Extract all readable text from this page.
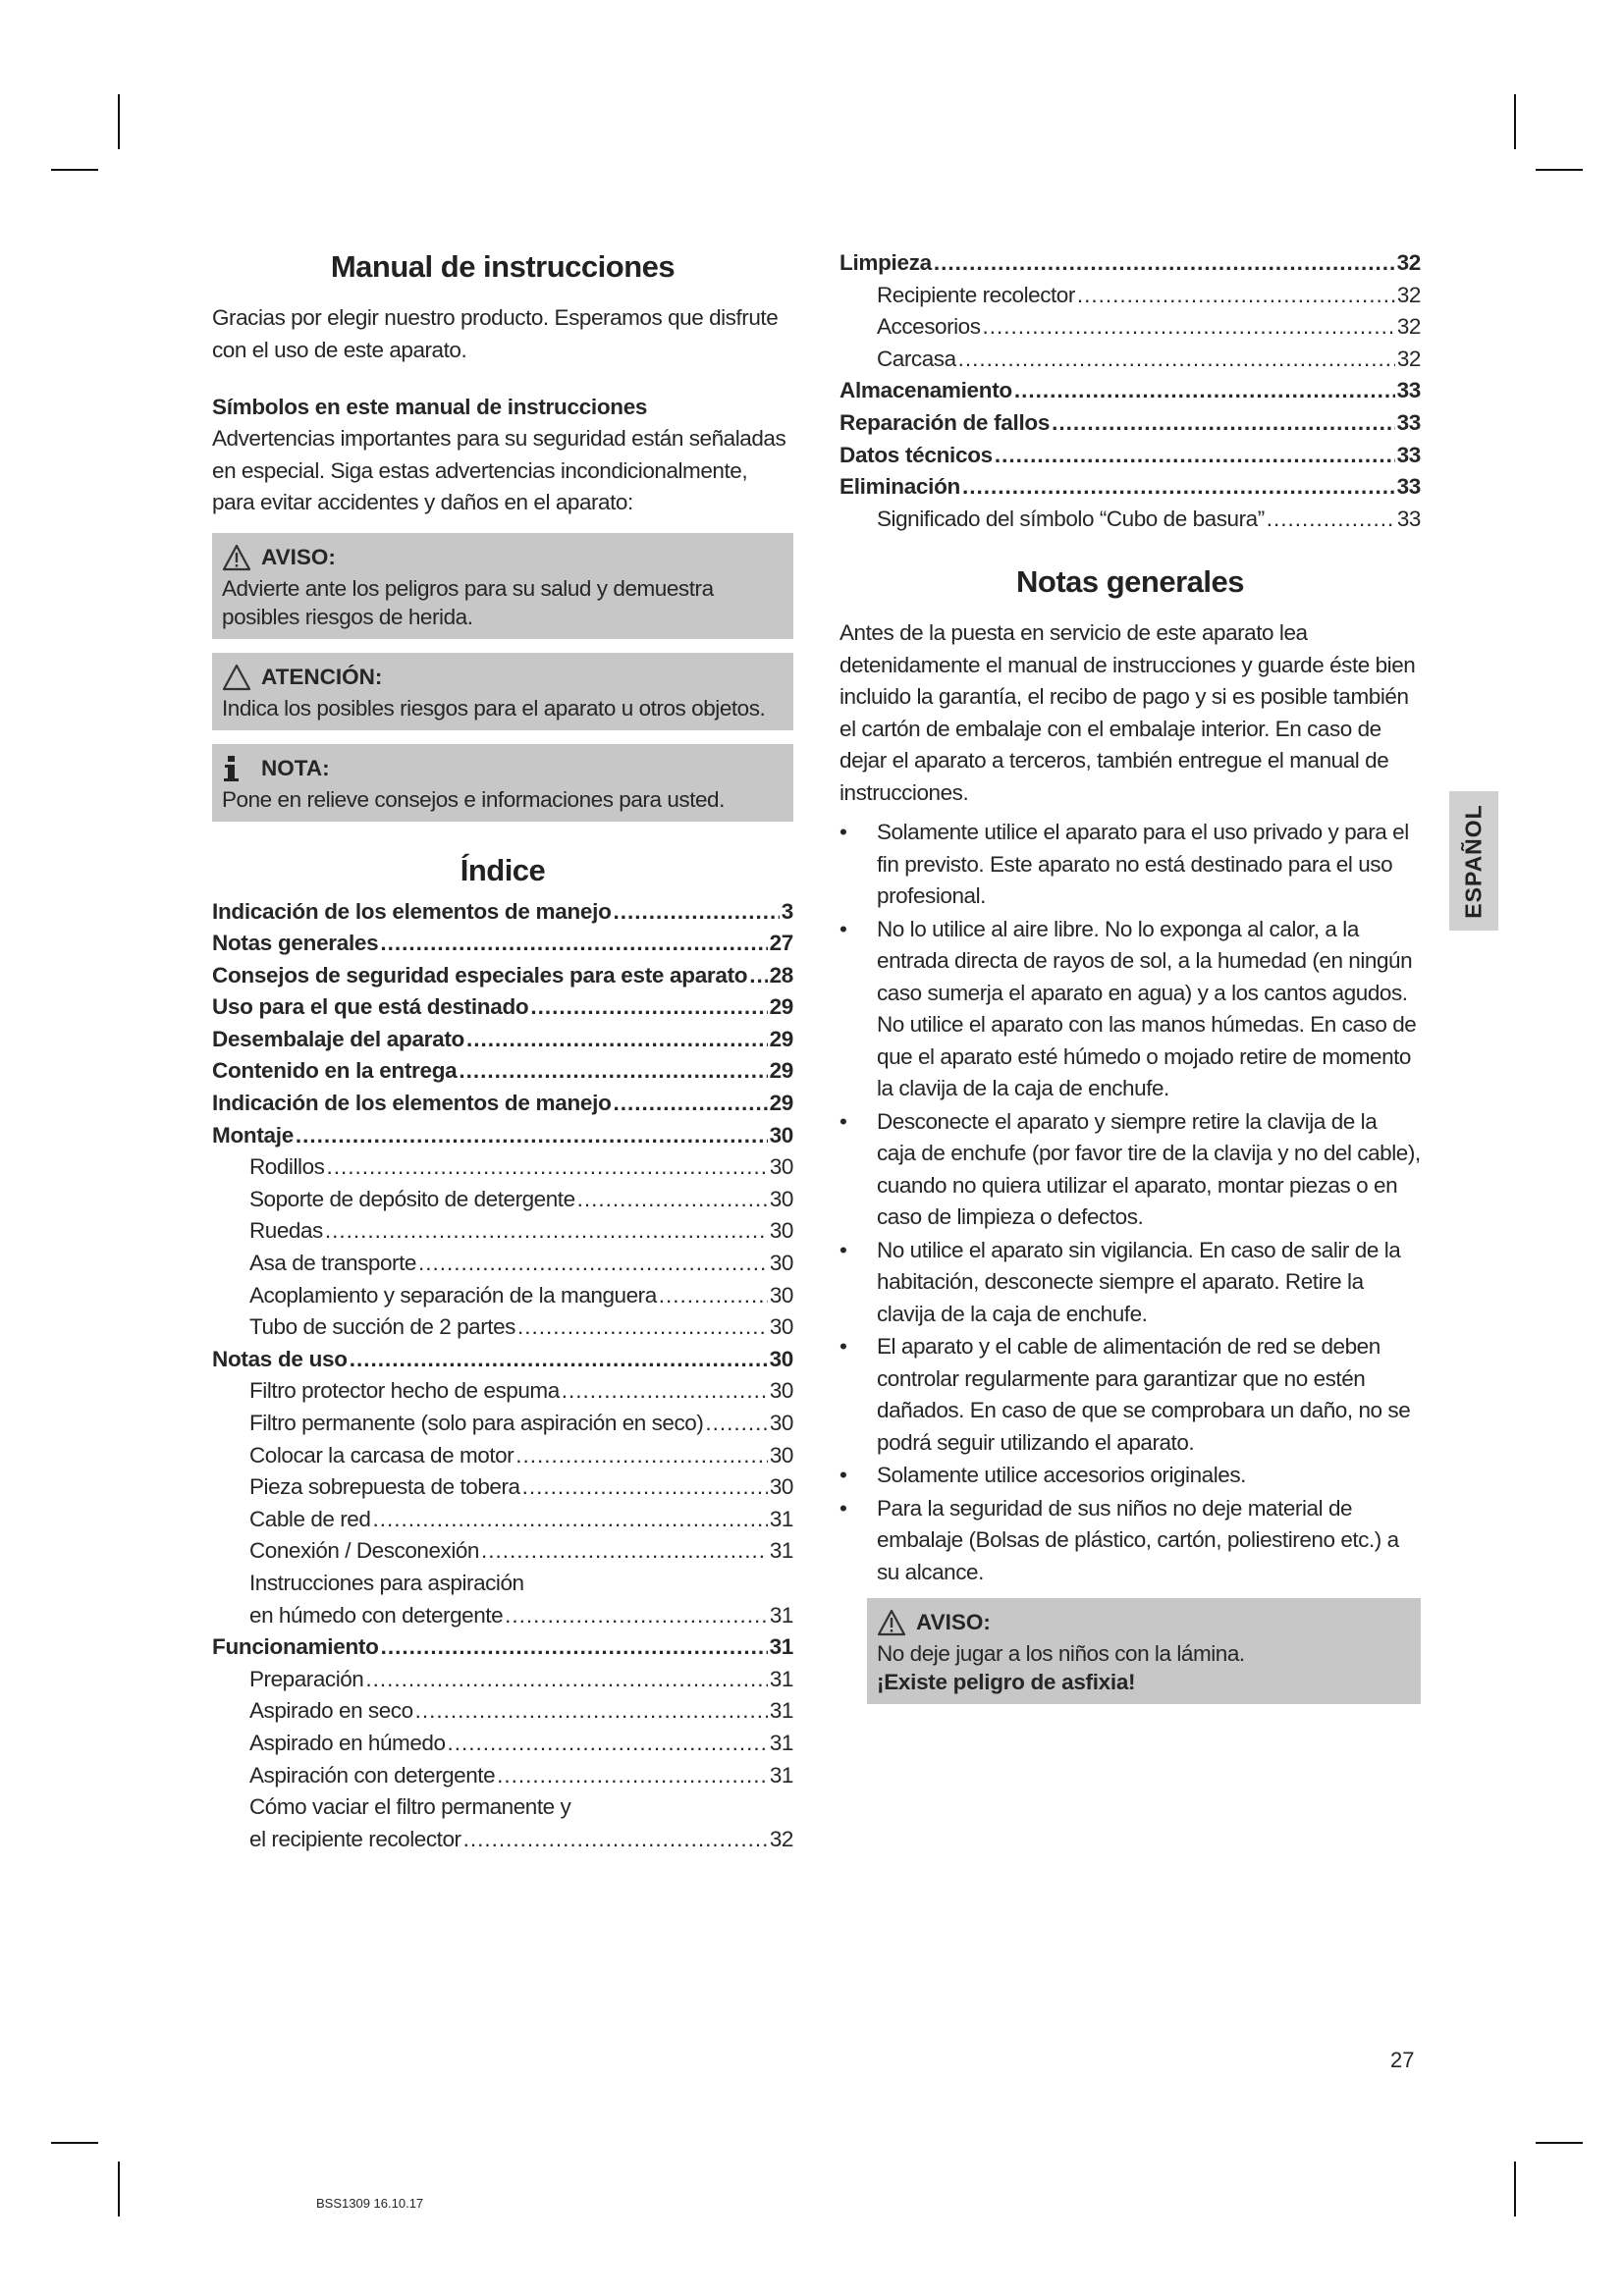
Manual de instrucciones

Gracias por elegir nuestro producto. Esperamos que disfrute con el uso de este aparato.

Símbolos en este manual de instrucciones

Advertencias importantes para su seguridad están señaladas en especial. Siga estas advertencias incondicionalmente, para evitar accidentes y daños en el aparato:

AVISO:

Advierte ante los peligros para su salud y demuestra posibles riesgos de herida.

ATENCIÓN:

Indica los posibles riesgos para el aparato u otros objetos.

NOTA:

Pone en relieve consejos e informaciones para usted.

Índice
Indicación de los elementos de manejo .....	3
Notas generales .....	27
Consejos de seguridad especiales para este aparato ..... 28
Uso para el que está destinado .....	29
Desembalaje del aparato .....	29
Contenido en la entrega .....	29
Indicación de los elementos de manejo .....	29
Montaje .....	30
Rodillos .....	30
Soporte de depósito de detergente .....	30
Ruedas .....	30
Asa de transporte .....	30
Acoplamiento y separación de la manguera .....	30
Tubo de succión de 2 partes .....	30
Notas de uso .....	30
Filtro protector hecho de espuma .....	30
Filtro permanente (solo para aspiración en seco) .....	30
Colocar la carcasa de motor .....	30
Pieza sobrepuesta de tobera .....	30
Cable de red .....	31
Conexión / Desconexión .....	31
Instrucciones para aspiración
en húmedo con detergente .....	31
Funcionamiento .....	31
Preparación .....	31
Aspirado en seco .....	31
Aspirado en húmedo .....	31
Aspiración con detergente .....	31
Cómo vaciar el filtro permanente y
el recipiente recolector .....	32
Limpieza .....	32
Recipiente recolector .....	32
Accesorios .....	32
Carcasa .....	32
Almacenamiento .....	33
Reparación de fallos .....	33
Datos técnicos .....	33
Eliminación .....	33
Significado del símbolo “Cubo de basura” .....	33
Notas generales

Antes de la puesta en servicio de este aparato lea detenidamente el manual de instrucciones y guarde éste bien incluido la garantía, el recibo de pago y si es posible también el cartón de embalaje con el embalaje interior. En caso de dejar el aparato a terceros, también entregue el manual de instrucciones.

• Solamente utilice el aparato para el uso privado y para el fin previsto. Este aparato no está destinado para el uso profesional.
• No lo utilice al aire libre. No lo exponga al calor, a la entrada directa de rayos de sol, a la humedad (en ningún caso sumerja el aparato en agua) y a los cantos agudos. No utilice el aparato con las manos húmedas. En caso de que el aparato esté húmedo o mojado retire de momento la clavija de la caja de enchufe.
• Desconecte el aparato y siempre retire la clavija de la caja de enchufe (por favor tire de la clavija y no del cable), cuando no quiera utilizar el aparato, montar piezas o en caso de limpieza o defectos.
• No utilice el aparato sin vigilancia. En caso de salir de la habitación, desconecte siempre el aparato. Retire la clavija de la caja de enchufe.
• El aparato y el cable de alimentación de red se deben controlar regularmente para garantizar que no estén dañados. En caso de que se comprobara un daño, no se podrá seguir utilizando el aparato.
• Solamente utilice accesorios originales.
• Para la seguridad de sus niños no deje material de embalaje (Bolsas de plástico, cartón, poliestireno etc.) a su alcance.
AVISO:

No deje jugar a los niños con la lámina.

¡Existe peligro de asfixia!

ESPAÑOL
27
BSS1309 16.10.17
